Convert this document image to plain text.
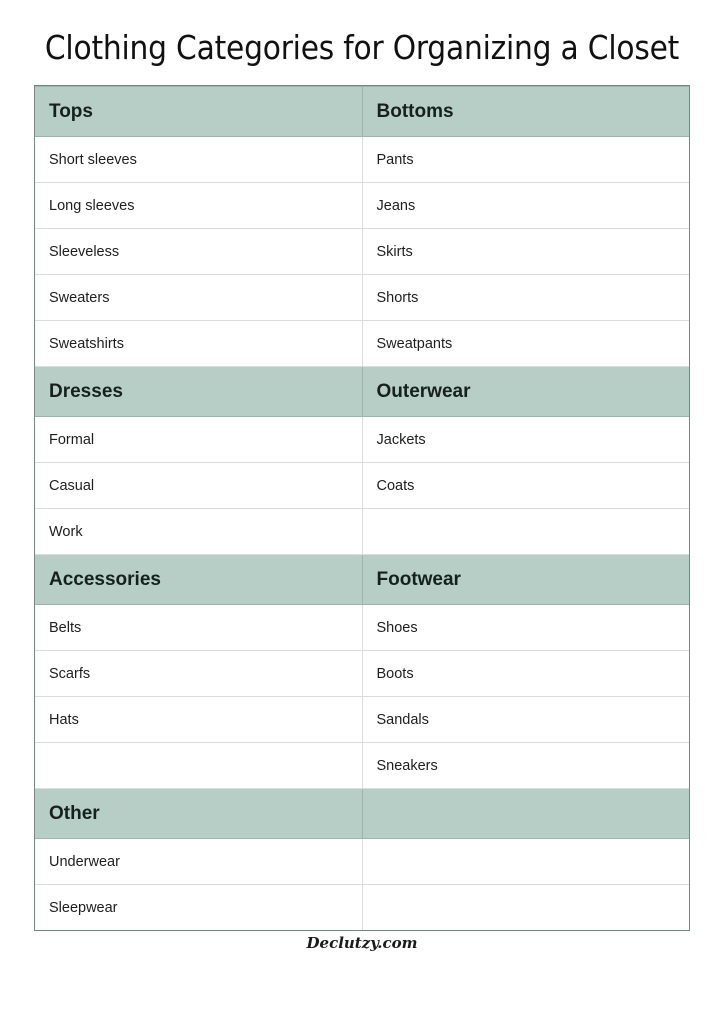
Clothing Categories for Organizing a Closet
Tops	Bottoms
Short sleeves	Pants
Long sleeves	Jeans
Sleeveless	Skirts
Sweaters	Shorts
Sweatshirts	Sweatpants
Dresses	Outerwear
Formal	Jackets
Casual	Coats
Work	
Accessories	Footwear
Belts	Shoes
Scarfs	Boots
Hats	Sandals
	Sneakers
Other	
Underwear	
Sleepwear	
Declutzy.com
